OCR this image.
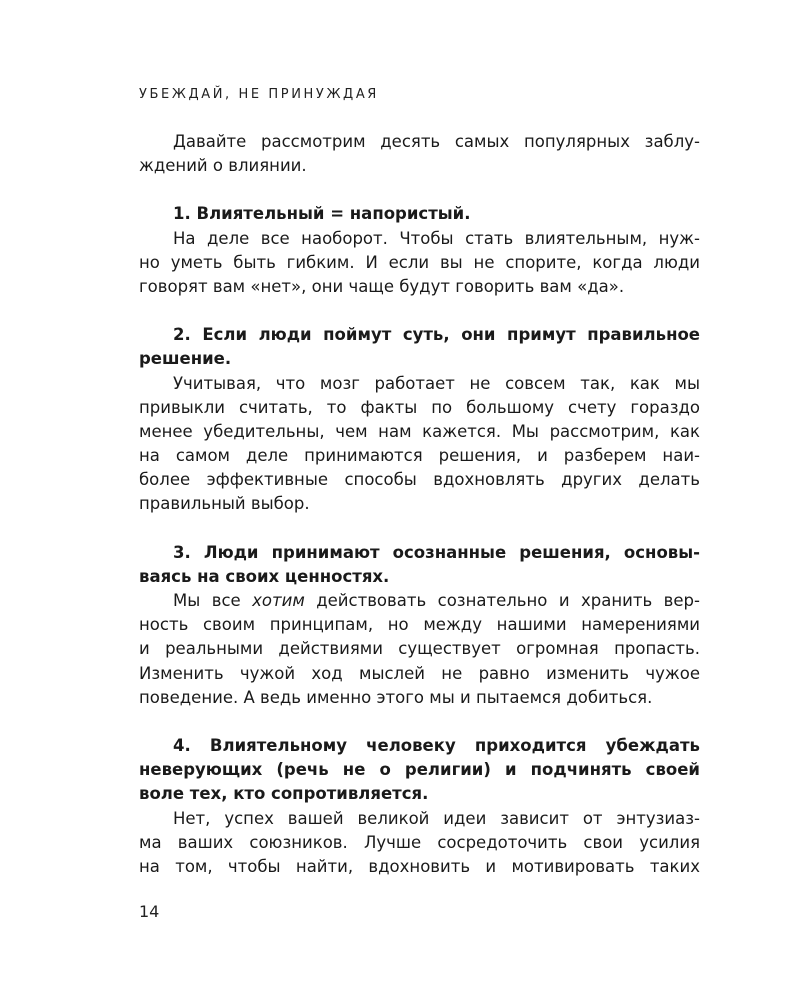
УБЕЖДАЙ, НЕ ПРИНУЖДАЯ
Давайте рассмотрим десять самых популярных заблу-
ждений о влиянии.
1. Влиятельный = напористый.
На деле все наоборот. Чтобы стать влиятельным, нуж-
но уметь быть гибким. И если вы не спорите, когда люди
говорят вам «нет», они чаще будут говорить вам «да».
2. Если люди поймут суть, они примут правильное
решение.
Учитывая, что мозг работает не совсем так, как мы
привыкли считать, то факты по большому счету гораздо
менее убедительны, чем нам кажется. Мы рассмотрим, как
на самом деле принимаются решения, и разберем наи-
более эффективные способы вдохновлять других делать
правильный выбор.
3. Люди принимают осознанные решения, основы-
ваясь на своих ценностях.
Мы все хотим действовать сознательно и хранить вер-
ность своим принципам, но между нашими намерениями
и реальными действиями существует огромная пропасть.
Изменить чужой ход мыслей не равно изменить чужое
поведение. А ведь именно этого мы и пытаемся добиться.
4. Влиятельному человеку приходится убеждать
неверующих (речь не о религии) и подчинять своей
воле тех, кто сопротивляется.
Нет, успех вашей великой идеи зависит от энтузиаз-
ма ваших союзников. Лучше сосредоточить свои усилия
на том, чтобы найти, вдохновить и мотивировать таких
14
